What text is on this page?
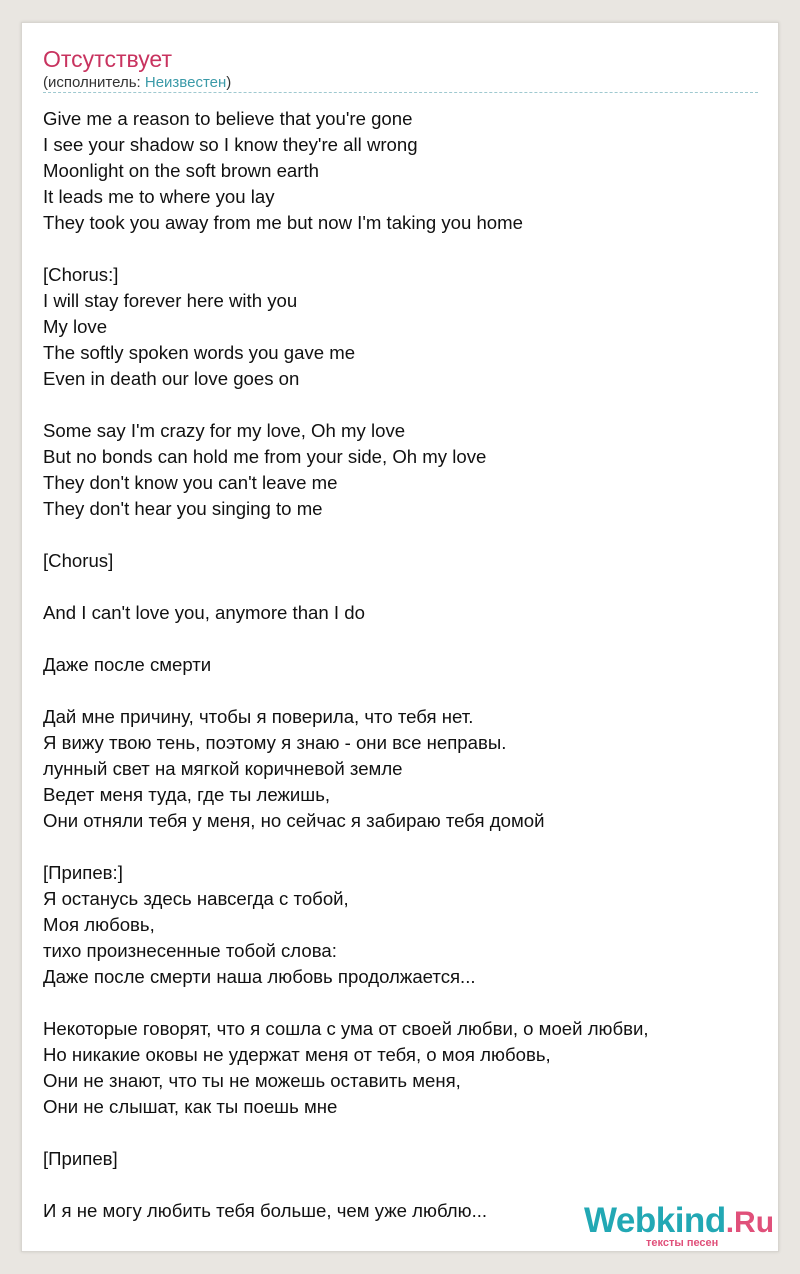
Отсутствует
(исполнитель: Неизвестен)
Give me a reason to believe that you're gone
I see your shadow so I know they're all wrong
Moonlight on the soft brown earth
It leads me to where you lay
They took you away from me but now I'm taking you home
[Chorus:]
I will stay forever here with you
My love
The softly spoken words you gave me
Even in death our love goes on
Some say I'm crazy for my love, Oh my love
But no bonds can hold me from your side, Oh my love
They don't know you can't leave me
They don't hear you singing to me
[Chorus]
And I can't love you, anymore than I do
Даже после смерти
Дай мне причину, чтобы я поверила, что тебя нет.
Я вижу твою тень, поэтому я знаю - они все неправы.
лунный свет на мягкой коричневой земле
Ведет меня туда, где ты лежишь,
Они отняли тебя у меня, но сейчас я забираю тебя домой
[Припев:]
Я останусь здесь навсегда с тобой,
Моя любовь,
тихо произнесенные тобой слова:
Даже после смерти наша любовь продолжается...
Некоторые говорят, что я сошла с ума от своей любви, о моей любви,
Но никакие оковы не удержат меня от тебя, о моя любовь,
Они не знают, что ты не можешь оставить меня,
Они не слышат, как ты поешь мне
[Припев]
И я не могу любить тебя больше, чем уже люблю...	Webkind.Ru
тексты песен
